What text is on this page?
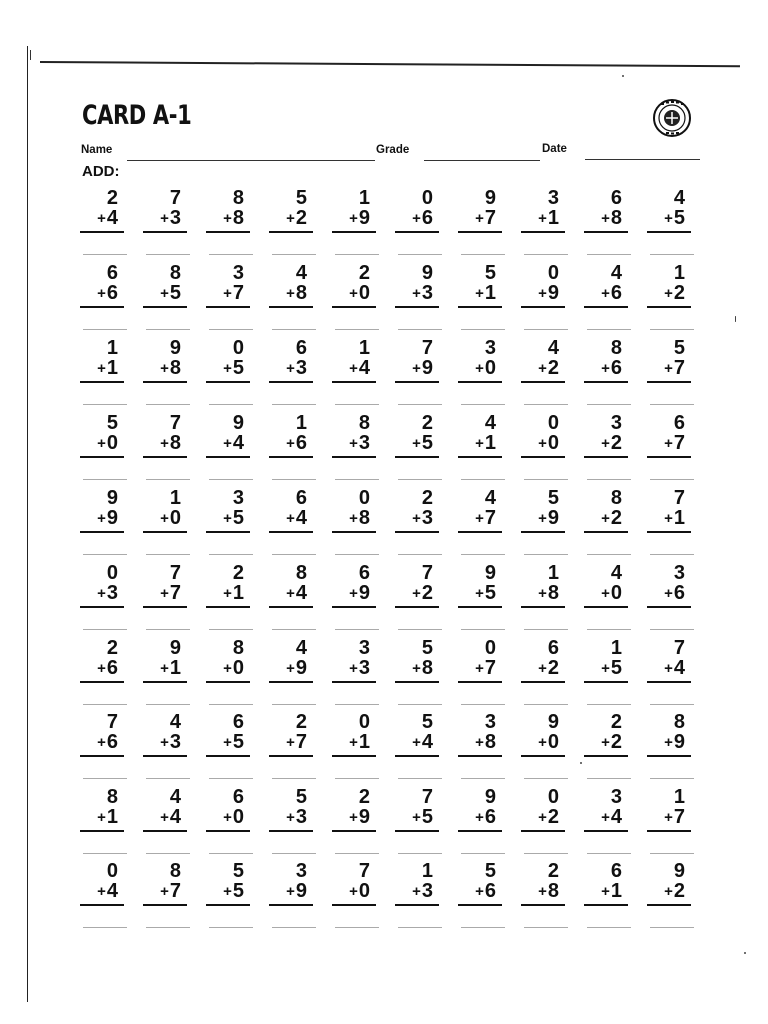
CARD A-1
Name	Grade	Date
ADD:
2
+4
7
+3
8
+8
5
+2
1
+9
0
+6
9
+7
3
+1
6
+8
4
+5
6
+6
8
+5
3
+7
4
+8
2
+0
9
+3
5
+1
0
+9
4
+6
1
+2
1
+1
9
+8
0
+5
6
+3
1
+4
7
+9
3
+0
4
+2
8
+6
5
+7
5
+0
7
+8
9
+4
1
+6
8
+3
2
+5
4
+1
0
+0
3
+2
6
+7
9
+9
1
+0
3
+5
6
+4
0
+8
2
+3
4
+7
5
+9
8
+2
7
+1
0
+3
7
+7
2
+1
8
+4
6
+9
7
+2
9
+5
1
+8
4
+0
3
+6
2
+6
9
+1
8
+0
4
+9
3
+3
5
+8
0
+7
6
+2
1
+5
7
+4
7
+6
4
+3
6
+5
2
+7
0
+1
5
+4
3
+8
9
+0
2
+2
8
+9
8
+1
4
+4
6
+0
5
+3
2
+9
7
+5
9
+6
0
+2
3
+4
1
+7
0
+4
8
+7
5
+5
3
+9
7
+0
1
+3
5
+6
2
+8
6
+1
9
+2
